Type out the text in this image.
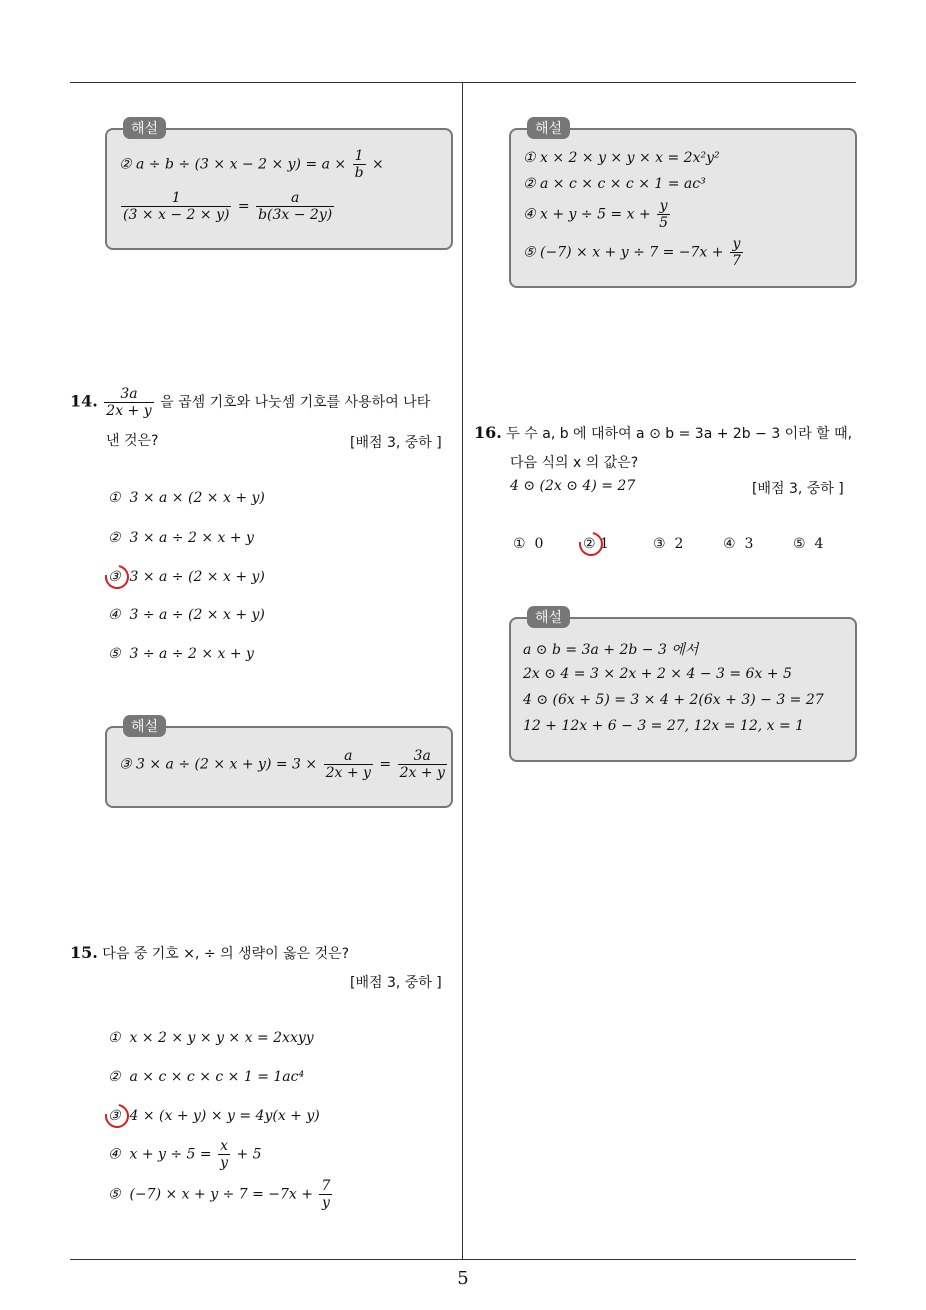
해설
② $a \div b \div (3 \times x - 2 \times y) = a \times \frac{1}{b}$ ×
$\frac{1}{(3 \times x - 2 \times y)} = \frac{a}{b(3x - 2y)}$
14. $\frac{3a}{2x + y}$ 을 곱셈 기호와 나눗셈 기호를 사용하여 나타
낸 것은?	[배점 3, 중하 ]
① 3 × a × (2 × x + y)
② 3 × a ÷ 2 × x + y
③ 3 × a ÷ (2 × x + y)
④ 3 ÷ a ÷ (2 × x + y)
⑤ 3 ÷ a ÷ 2 × x + y
해설
③ $3 \times a \div (2 \times x + y) = 3 \times \frac{a}{2x + y} = \frac{3a}{2x + y}$
15. 다음 중 기호 ×, ÷ 의 생략이 옳은 것은?
[배점 3, 중하 ]
① x × 2 × y × y × x = 2xxyy
② a × c × c × c × 1 = 1ac⁴
③ 4 × (x + y) × y = 4y(x + y)
④ $x + y \div 5 = \frac{x}{y} + 5$
⑤ $(-7) \times x + y \div 7 = -7x + \frac{7}{y}$
해설
① x × 2 × y × y × x = 2x²y²
② a × c × c × c × 1 = ac³
④ $x + y \div 5 = x + \frac{y}{5}$
⑤ $(-7) \times x + y \div 7 = -7x + \frac{y}{7}$
16. 두 수 a, b 에 대하여 a ⊙ b = 3a + 2b − 3 이라 할 때,
다음 식의 x 의 값은?
4 ⊙ (2x ⊙ 4) = 27	[배점 3, 중하 ]
① 0	② 1	③ 2	④ 3	⑤ 4
해설
a ⊙ b = 3a + 2b − 3 에서
2x ⊙ 4 = 3 × 2x + 2 × 4 − 3 = 6x + 5
4 ⊙ (6x + 5) = 3 × 4 + 2(6x + 3) − 3 = 27
12 + 12x + 6 − 3 = 27, 12x = 12, x = 1
5
